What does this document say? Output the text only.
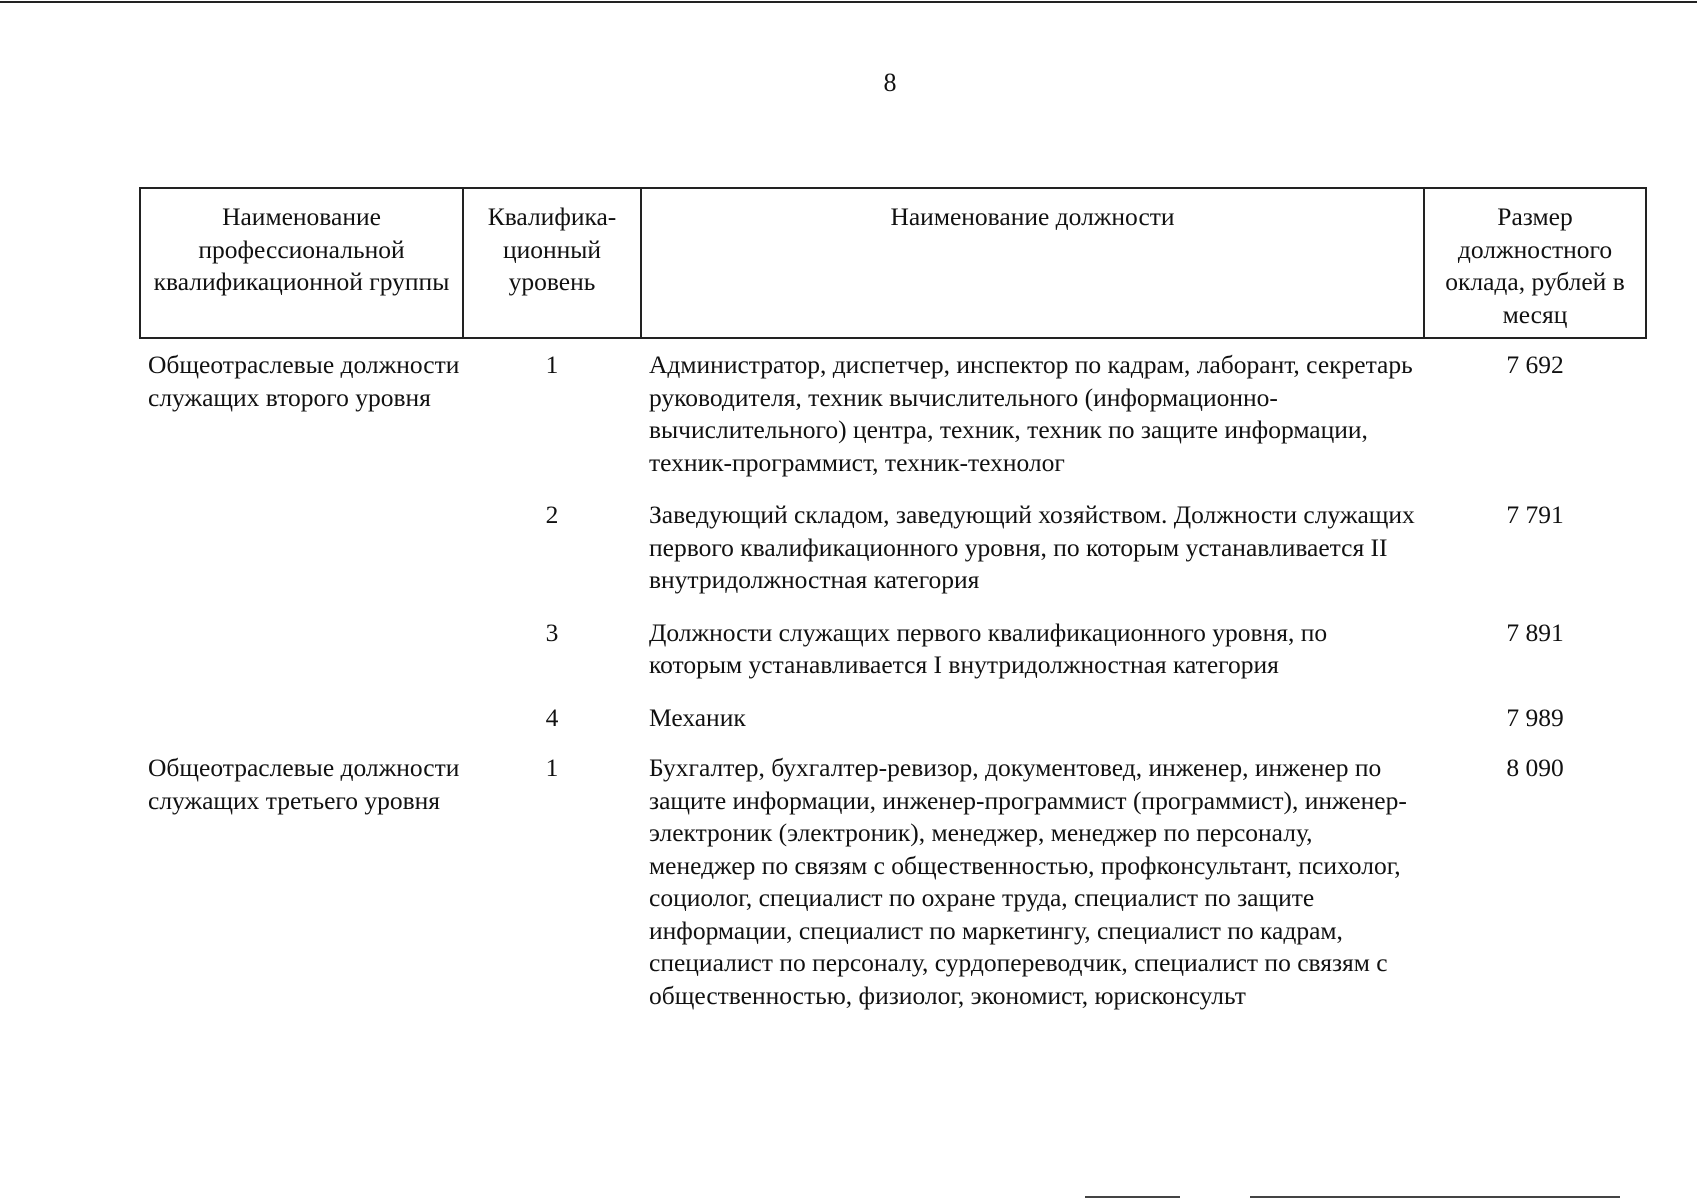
8
Наименование профессиональной квалификационной группы	Квалифика-ционный уровень	Наименование должности	Размер должностного оклада, рублей в месяц
Общеотраслевые должности служащих второго уровня	1	Администратор, диспетчер, инспектор по кадрам, лаборант, секретарь руководителя, техник вычислительного (информационно-вычислительного) центра, техник, техник по защите информации, техник-программист, техник-технолог	7 692
	2	Заведующий складом, заведующий хозяйством. Должности служащих первого квалификационного уровня, по которым устанавливается II внутридолжностная категория	7 791
	3	Должности служащих первого квалификационного уровня, по которым устанавливается I внутридолжностная категория	7 891
	4	Механик	7 989
Общеотраслевые должности служащих третьего уровня	1	Бухгалтер, бухгалтер-ревизор, документовед, инженер, инженер по защите информации, инженер-программист (программист), инженер-электроник (электроник), менеджер, менеджер по персоналу, менеджер по связям с общественностью, профконсультант, психолог, социолог, специалист по охране труда, специалист по защите информации, специалист по маркетингу, специалист по кадрам, специалист по персоналу, сурдопереводчик, специалист по связям с общественностью, физиолог, экономист, юрисконсульт	8 090
